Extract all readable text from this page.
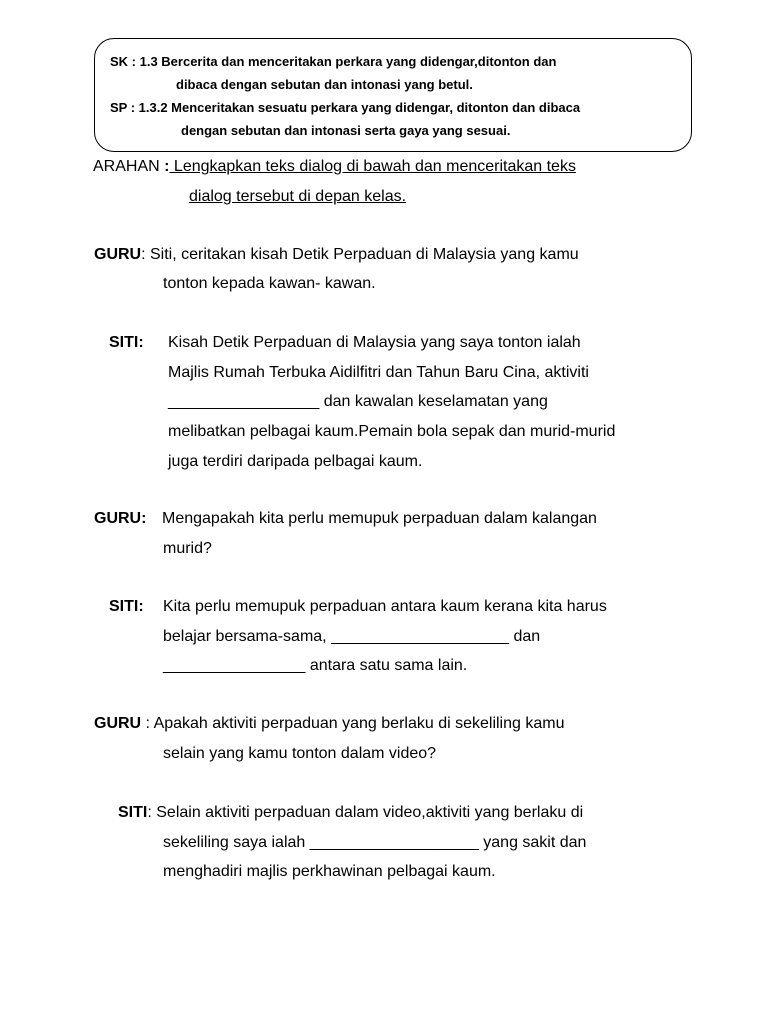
SK : 1.3 Bercerita dan menceritakan perkara yang didengar,ditonton dan
dibaca dengan sebutan dan intonasi yang betul.
SP : 1.3.2 Menceritakan sesuatu perkara yang didengar, ditonton dan dibaca
dengan sebutan dan intonasi serta gaya yang sesuai.
ARAHAN : Lengkapkan teks dialog di bawah dan menceritakan teks
dialog tersebut di depan kelas.
GURU: Siti, ceritakan kisah Detik Perpaduan di Malaysia yang kamu
tonton kepada kawan- kawan.
SITI: Kisah Detik Perpaduan di Malaysia yang saya tonton ialah
Majlis Rumah Terbuka Aidilfitri dan Tahun Baru Cina, aktiviti
_________________ dan kawalan keselamatan yang
melibatkan pelbagai kaum.Pemain bola sepak dan murid-murid
juga terdiri daripada pelbagai kaum.
GURU: Mengapakah kita perlu memupuk perpaduan dalam kalangan
murid?
SITI: Kita perlu memupuk perpaduan antara kaum kerana kita harus
belajar bersama-sama, ____________________ dan
________________ antara satu sama lain.
GURU : Apakah aktiviti perpaduan yang berlaku di sekeliling kamu
selain yang kamu tonton dalam video?
SITI: Selain aktiviti perpaduan dalam video,aktiviti yang berlaku di
sekeliling saya ialah ___________________ yang sakit dan
menghadiri majlis perkhawinan pelbagai kaum.
